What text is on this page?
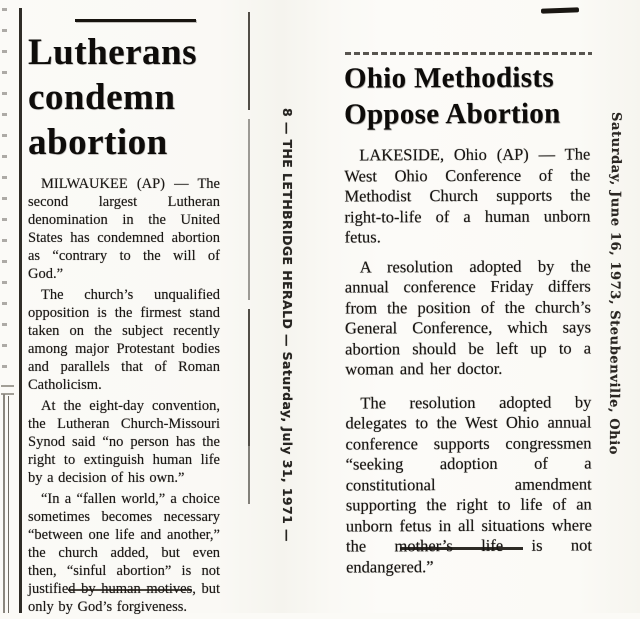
Lutherans
condemn
abortion

MILWAUKEE (AP) — The second largest Lutheran denomination in the United States has condemned abortion as “contrary to the will of God.”

The church’s unqualified opposition is the firmest stand taken on the subject recently among major Protestant bodies and parallels that of Roman Catholicism.

At the eight-day convention, the Lutheran Church-Missouri Synod said “no person has the right to extinguish human life by a decision of his own.”

“In a “fallen world,” a choice sometimes becomes necessary “between one life and another,” the church added, but even then, “sinful abortion” is not justified by human motives, but only by God’s forgiveness.

8 — THE LETHBRIDGE HERALD — Saturday, July 31, 1971 —
Ohio Methodists
Oppose Abortion

LAKESIDE, Ohio (AP) — The West Ohio Conference of the Methodist Church supports the right-to-life of a human unborn fetus.

A resolution adopted by the annual conference Friday differs from the position of the church’s General Conference, which says abortion should be left up to a woman and her doctor.

The resolution adopted by delegates to the West Ohio annual conference supports congressmen “seeking adoption of a constitutional amendment supporting the right to life of an unborn fetus in all situations where the mother’s life is not endangered.”

Saturday, June 16, 1973, Steubenville, Ohio
